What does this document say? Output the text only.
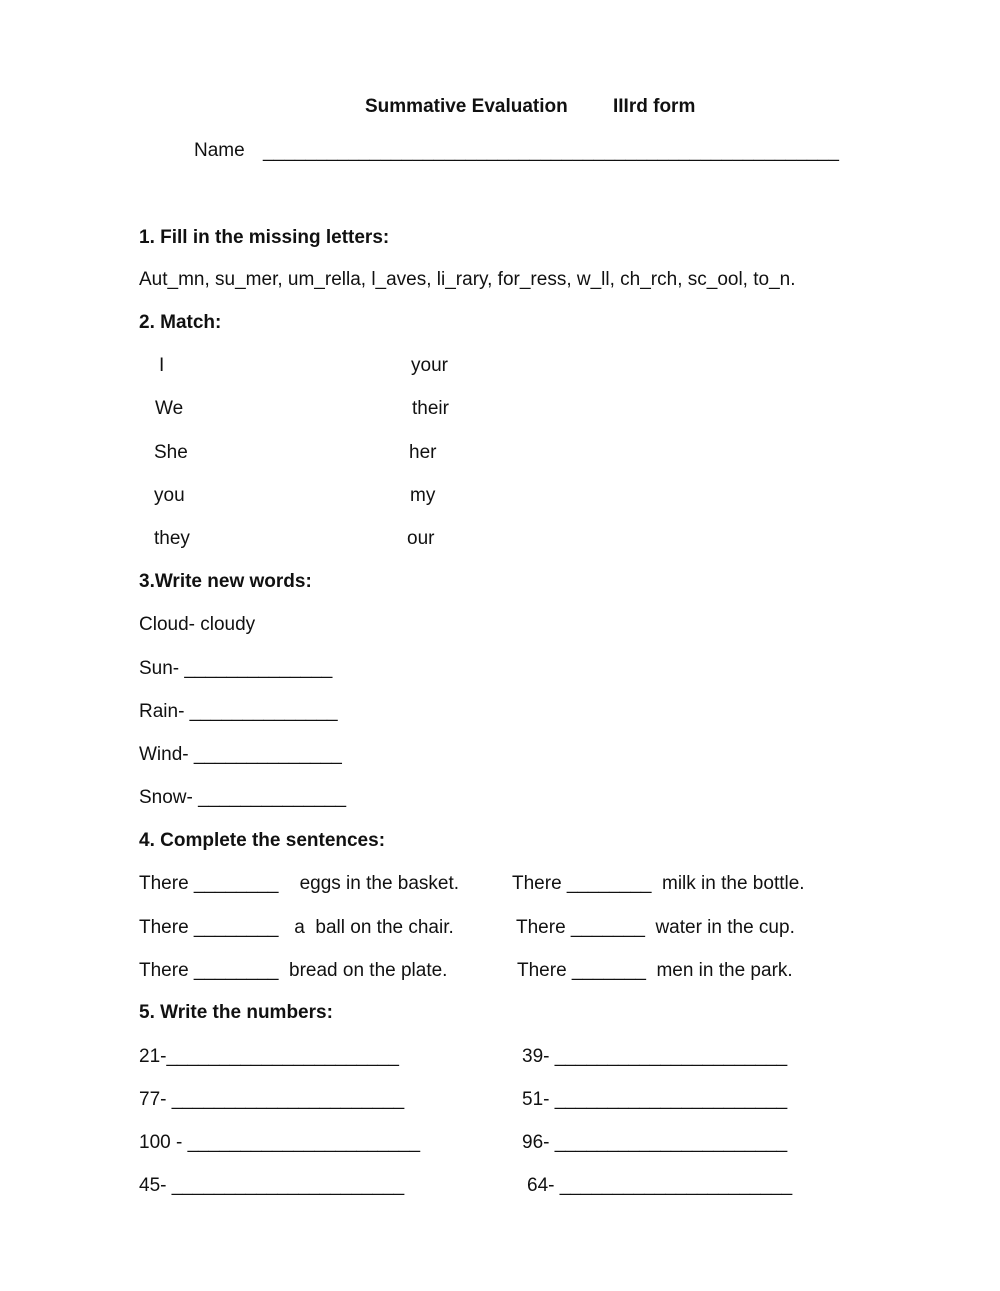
Summative Evaluation IIIrd form
Name ______________________________________________________
1. Fill in the missing letters:
Aut_mn, su_mer, um_rella, l_aves, li_rary, for_ress, w_ll, ch_rch, sc_ool, to_n.
2. Match:
I
We
She
you
they
your
their
her
my
our
3.Write new words:
Cloud- cloudy
Sun- ______________
Rain- ______________
Wind- ______________
Snow- ______________
4. Complete the sentences:
There ________    eggs in the basket.
There ________   a  ball on the chair.
There ________  bread on the plate.
There ________  milk in the bottle.
There _______  water in the cup.
There _______  men in the park.
5. Write the numbers:
21-______________________
77- ______________________
100 - ______________________
45- ______________________
39- ______________________
51- ______________________
96- ______________________
64- ______________________
